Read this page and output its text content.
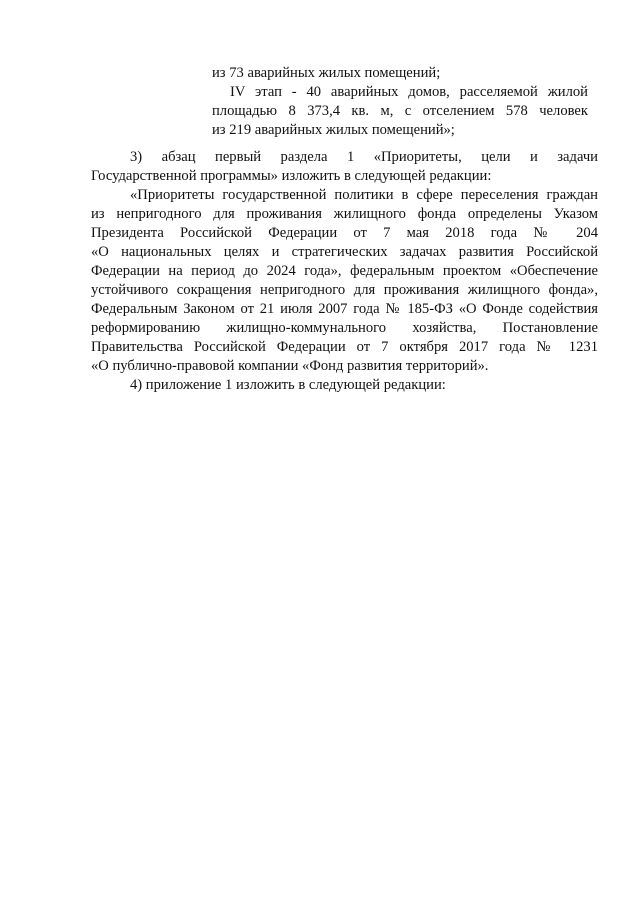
из 73 аварийных жилых помещений;
IV этап - 40 аварийных домов, расселяемой жилой
площадью 8 373,4 кв. м, с отселением 578 человек
из 219 аварийных жилых помещений»;
3) абзац первый раздела 1 «Приоритеты, цели и задачи
Государственной программы» изложить в следующей редакции:
«Приоритеты государственной политики в сфере переселения граждан
из непригодного для проживания жилищного фонда определены Указом
Президента Российской Федерации от 7 мая 2018 года № 204
«О национальных целях и стратегических задачах развития Российской
Федерации на период до 2024 года», федеральным проектом «Обеспечение
устойчивого сокращения непригодного для проживания жилищного фонда»,
Федеральным Законом от 21 июля 2007 года № 185-ФЗ «О Фонде содействия
реформированию жилищно-коммунального хозяйства, Постановление
Правительства Российской Федерации от 7 октября 2017 года № 1231
«О публично-правовой компании «Фонд развития территорий».
4) приложение 1 изложить в следующей редакции:
